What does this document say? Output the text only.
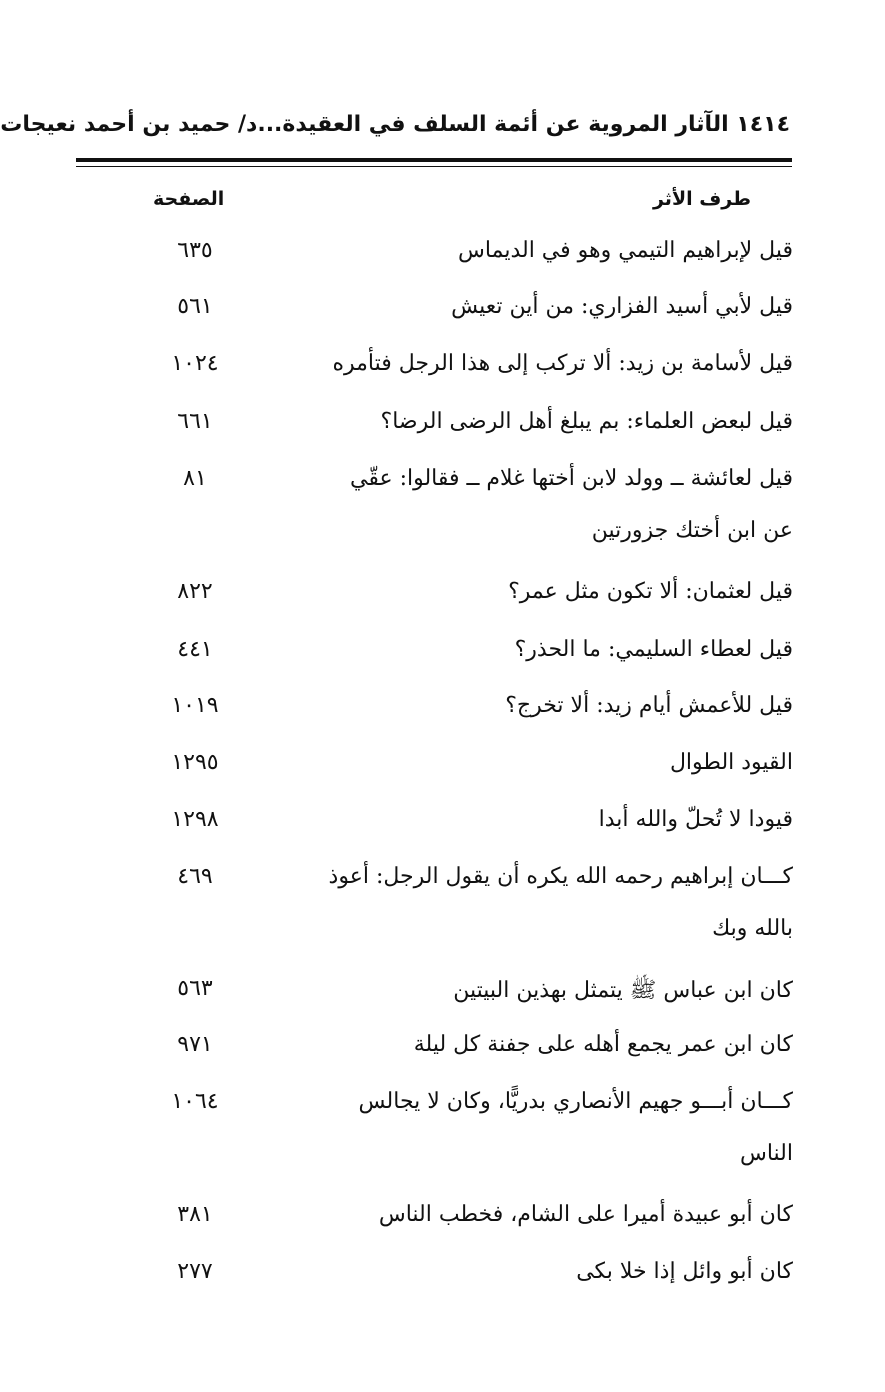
١٤١٤ الآثار المروية عن أئمة السلف في العقيدة...د/ حميد بن أحمد نعيجات
طرف الأثر
الصفحة
قيل لإبراهيم التيمي وهو في الديماس
٦٣٥
قيل لأبي أسيد الفزاري: من أين تعيش
٥٦١
قيل لأسامة بن زيد: ألا تركب إلى هذا الرجل فتأمره
١٠٢٤
قيل لبعض العلماء: بم يبلغ أهل الرضى الرضا؟
٦٦١
قيل لعائشة ــ وولد لابن أختها غلام ــ فقالوا: عقّي
٨١
عن ابن أختك جزورتين
قيل لعثمان: ألا تكون مثل عمر؟
٨٢٢
قيل لعطاء السليمي: ما الحذر؟
٤٤١
قيل للأعمش أيام زيد: ألا تخرج؟
١٠١٩
القيود الطوال
١٢٩٥
قيودا لا تُحلّ والله أبدا
١٢٩٨
كـــان إبراهيم رحمه الله يكره أن يقول الرجل: أعوذ
٤٦٩
بالله وبك
كان ابن عباس ﷺ يتمثل بهذين البيتين
٥٦٣
كان ابن عمر يجمع أهله على جفنة كل ليلة
٩٧١
كـــان أبـــو جهيم الأنصاري بدريًّا، وكان لا يجالس
١٠٦٤
الناس
كان أبو عبيدة أميرا على الشام، فخطب الناس
٣٨١
كان أبو وائل إذا خلا بكى
٢٧٧
